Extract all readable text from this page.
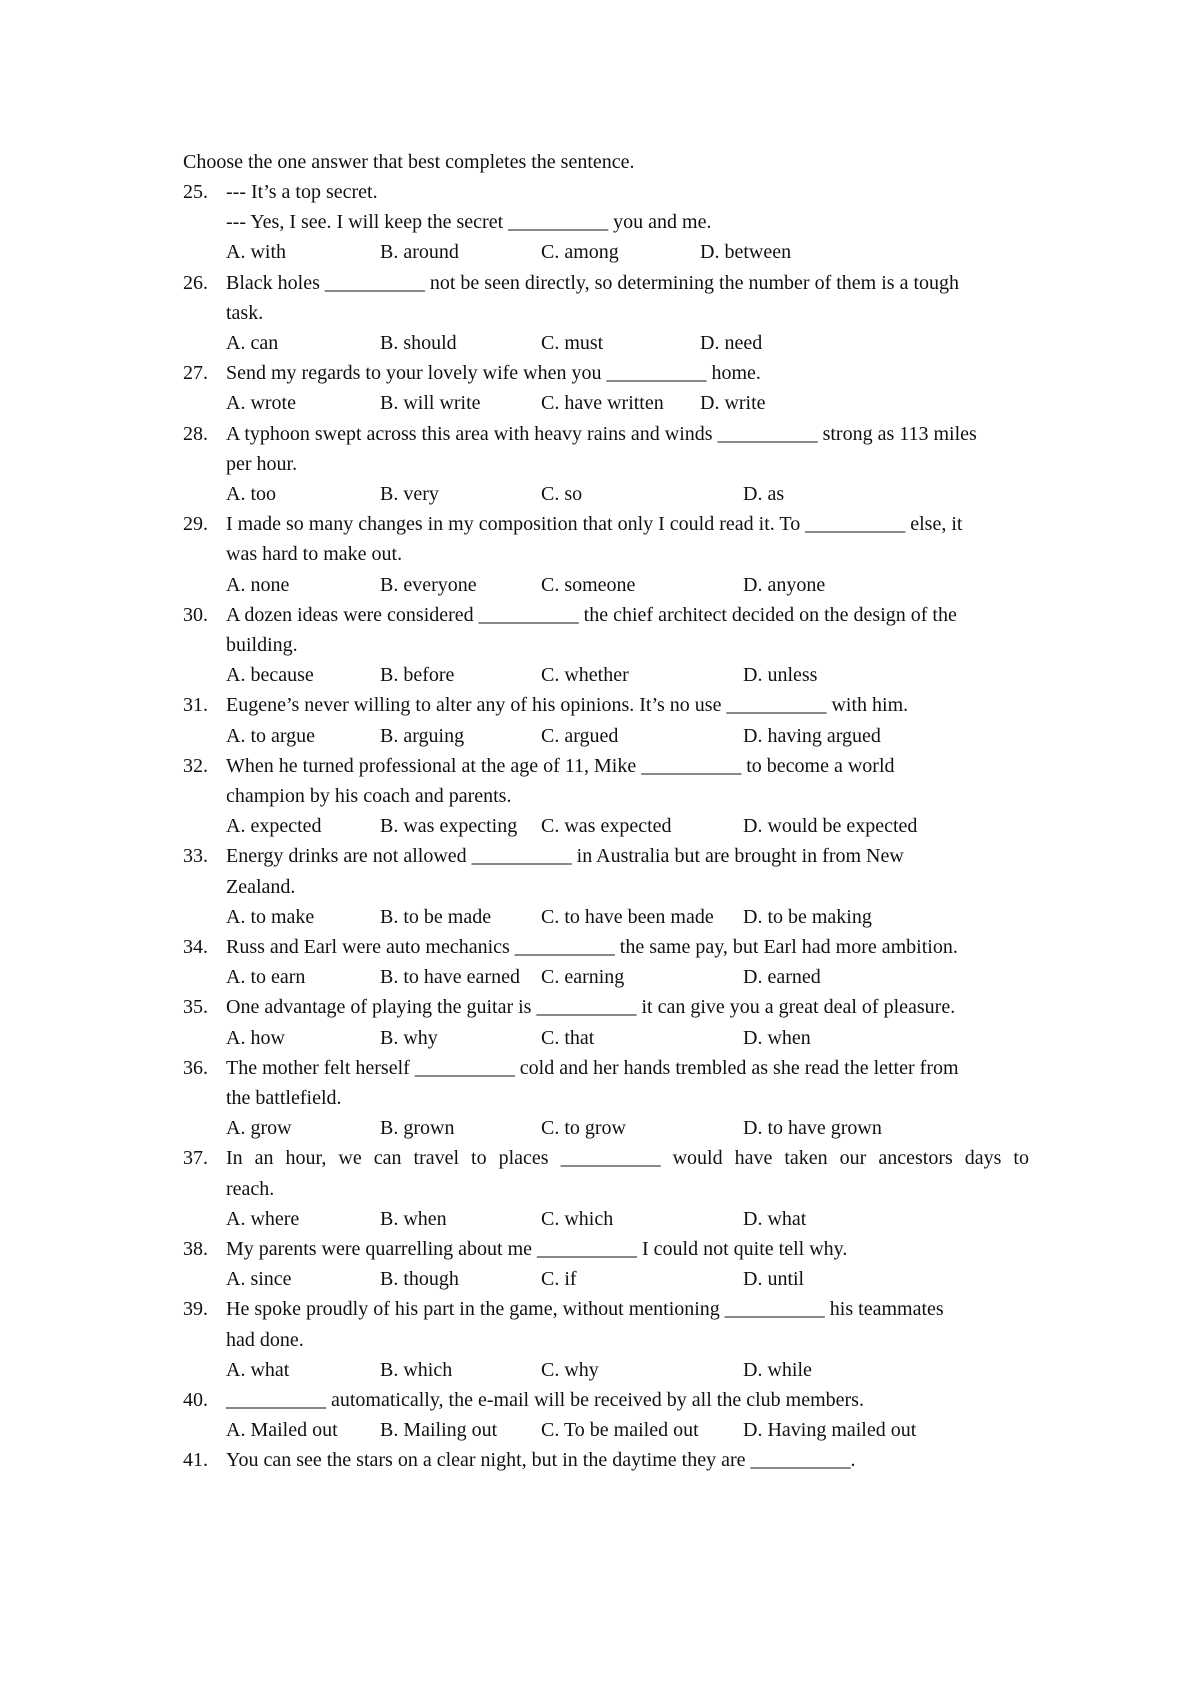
Choose the one answer that best completes the sentence.
25. --- It’s a top secret.
--- Yes, I see. I will keep the secret __________ you and me.
A. with	B. around	C. among	D. between
26. Black holes __________ not be seen directly, so determining the number of them is a tough
task.
A. can	B. should	C. must	D. need
27. Send my regards to your lovely wife when you __________ home.
A. wrote	B. will write	C. have written D. write
28. A typhoon swept across this area with heavy rains and winds __________ strong as 113 miles
per hour.
A. too	B. very	C. so	D. as
29. I made so many changes in my composition that only I could read it. To __________ else, it
was hard to make out.
A. none	B. everyone	C. someone	D. anyone
30. A dozen ideas were considered __________ the chief architect decided on the design of the
building.
A. because	B. before	C. whether	D. unless
31. Eugene’s never willing to alter any of his opinions. It’s no use __________ with him.
A. to argue	B. arguing	C. argued	D. having argued
32. When he turned professional at the age of 11, Mike __________ to become a world
champion by his coach and parents.
A. expected	B. was expecting C. was expected	D. would be expected
33. Energy drinks are not allowed __________ in Australia but are brought in from New
Zealand.
A. to make	B. to be made C. to have been made D. to be making
34. Russ and Earl were auto mechanics __________ the same pay, but Earl had more ambition.
A. to earn	B. to have earned C. earning	D. earned
35. One advantage of playing the guitar is __________ it can give you a great deal of pleasure.
A. how	B. why	C. that	D. when
36. The mother felt herself __________ cold and her hands trembled as she read the letter from
the battlefield.
A. grow	B. grown	C. to grow	D. to have grown
37. In an hour, we can travel to places __________ would have taken our ancestors days to
reach.
A. where	B. when	C. which	D. what
38. My parents were quarrelling about me __________ I could not quite tell why.
A. since	B. though	C. if	D. until
39. He spoke proudly of his part in the game, without mentioning __________ his teammates
had done.
A. what	B. which	C. why	D. while
40. __________ automatically, the e-mail will be received by all the club members.
A. Mailed out B. Mailing out C. To be mailed out D. Having mailed out
41. You can see the stars on a clear night, but in the daytime they are __________.
